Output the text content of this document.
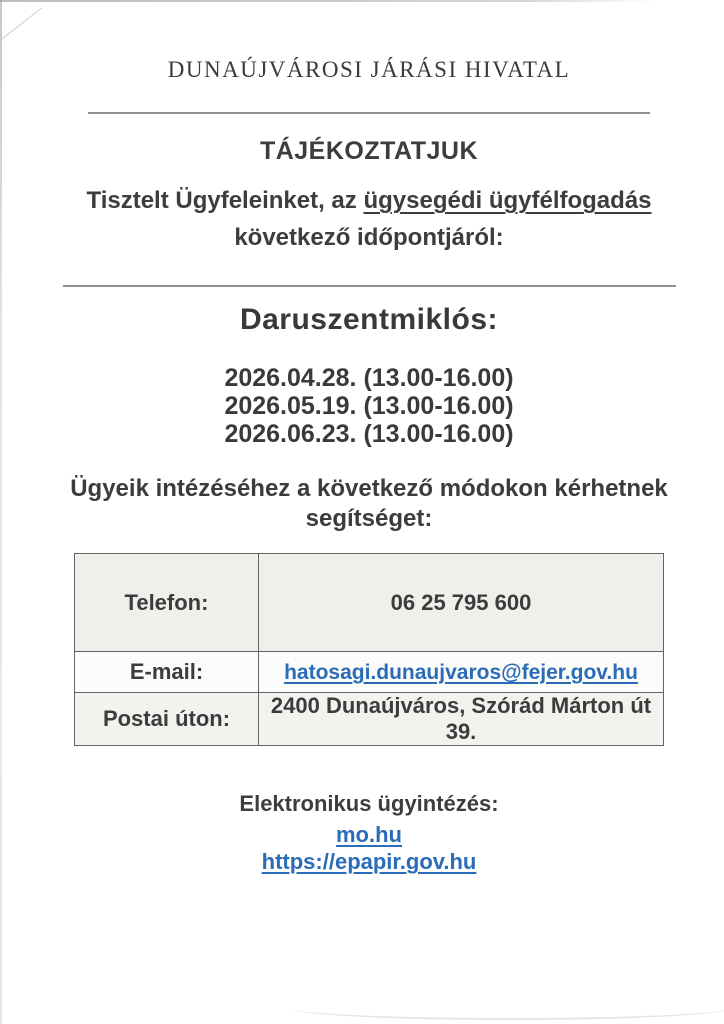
DUNAÚJVÁROSI JÁRÁSI HIVATAL
TÁJÉKOZTATJUK
Tisztelt Ügyfeleinket, az ügysegédi ügyfélfogadás
következő időpontjáról:
Daruszentmiklós:
2026.04.28. (13.00-16.00)
2026.05.19. (13.00-16.00)
2026.06.23. (13.00-16.00)
Ügyeik intézéséhez a következő módokon kérhetnek segítséget:
Telefon:	06 25 795 600
E-mail:	hatosagi.dunaujvaros@fejer.gov.hu
Postai úton:	2400 Dunaújváros, Szórád Márton út 39.
Elektronikus ügyintézés:
mo.hu
https://epapir.gov.hu
